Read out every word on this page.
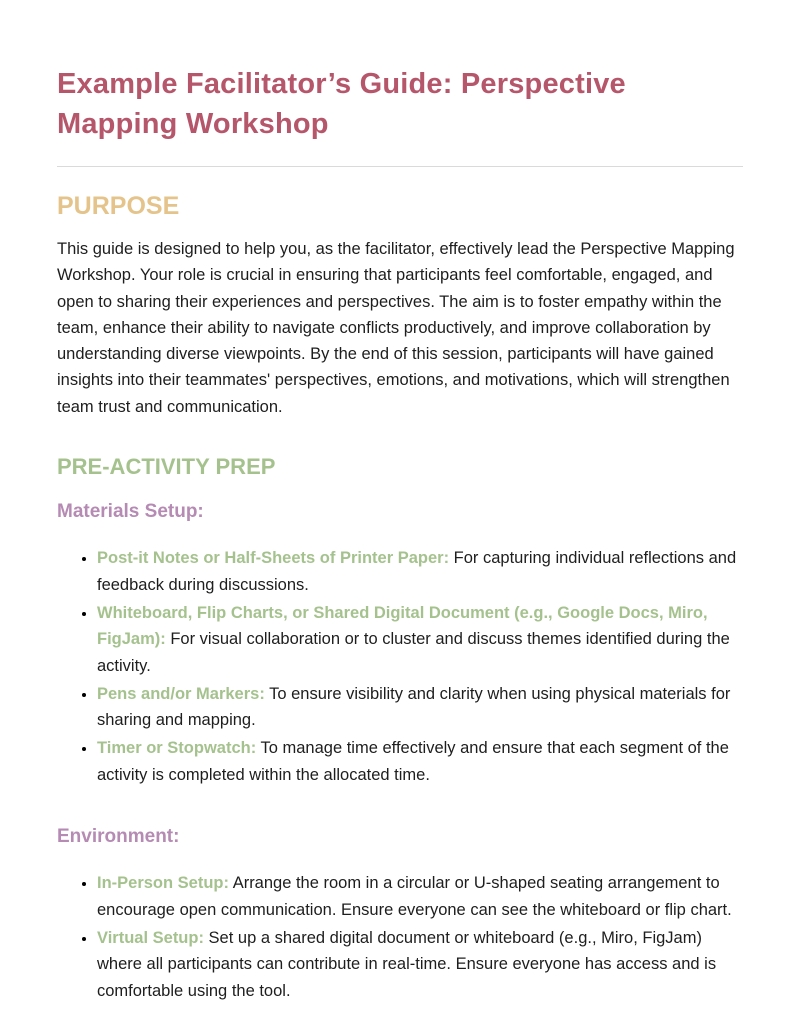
Example Facilitator’s Guide: Perspective Mapping Workshop
PURPOSE

This guide is designed to help you, as the facilitator, effectively lead the Perspective Mapping Workshop. Your role is crucial in ensuring that participants feel comfortable, engaged, and open to sharing their experiences and perspectives. The aim is to foster empathy within the team, enhance their ability to navigate conflicts productively, and improve collaboration by understanding diverse viewpoints. By the end of this session, participants will have gained insights into their teammates' perspectives, emotions, and motivations, which will strengthen team trust and communication.

PRE-ACTIVITY PREP
Materials Setup:
• Post-it Notes or Half-Sheets of Printer Paper: For capturing individual reflections and feedback during discussions.
• Whiteboard, Flip Charts, or Shared Digital Document (e.g., Google Docs, Miro, FigJam): For visual collaboration or to cluster and discuss themes identified during the activity.
• Pens and/or Markers: To ensure visibility and clarity when using physical materials for sharing and mapping.
• Timer or Stopwatch: To manage time effectively and ensure that each segment of the activity is completed within the allocated time.
Environment:
• In-Person Setup: Arrange the room in a circular or U-shaped seating arrangement to encourage open communication. Ensure everyone can see the whiteboard or flip chart.
• Virtual Setup: Set up a shared digital document or whiteboard (e.g., Miro, FigJam) where all participants can contribute in real-time. Ensure everyone has access and is comfortable using the tool.
